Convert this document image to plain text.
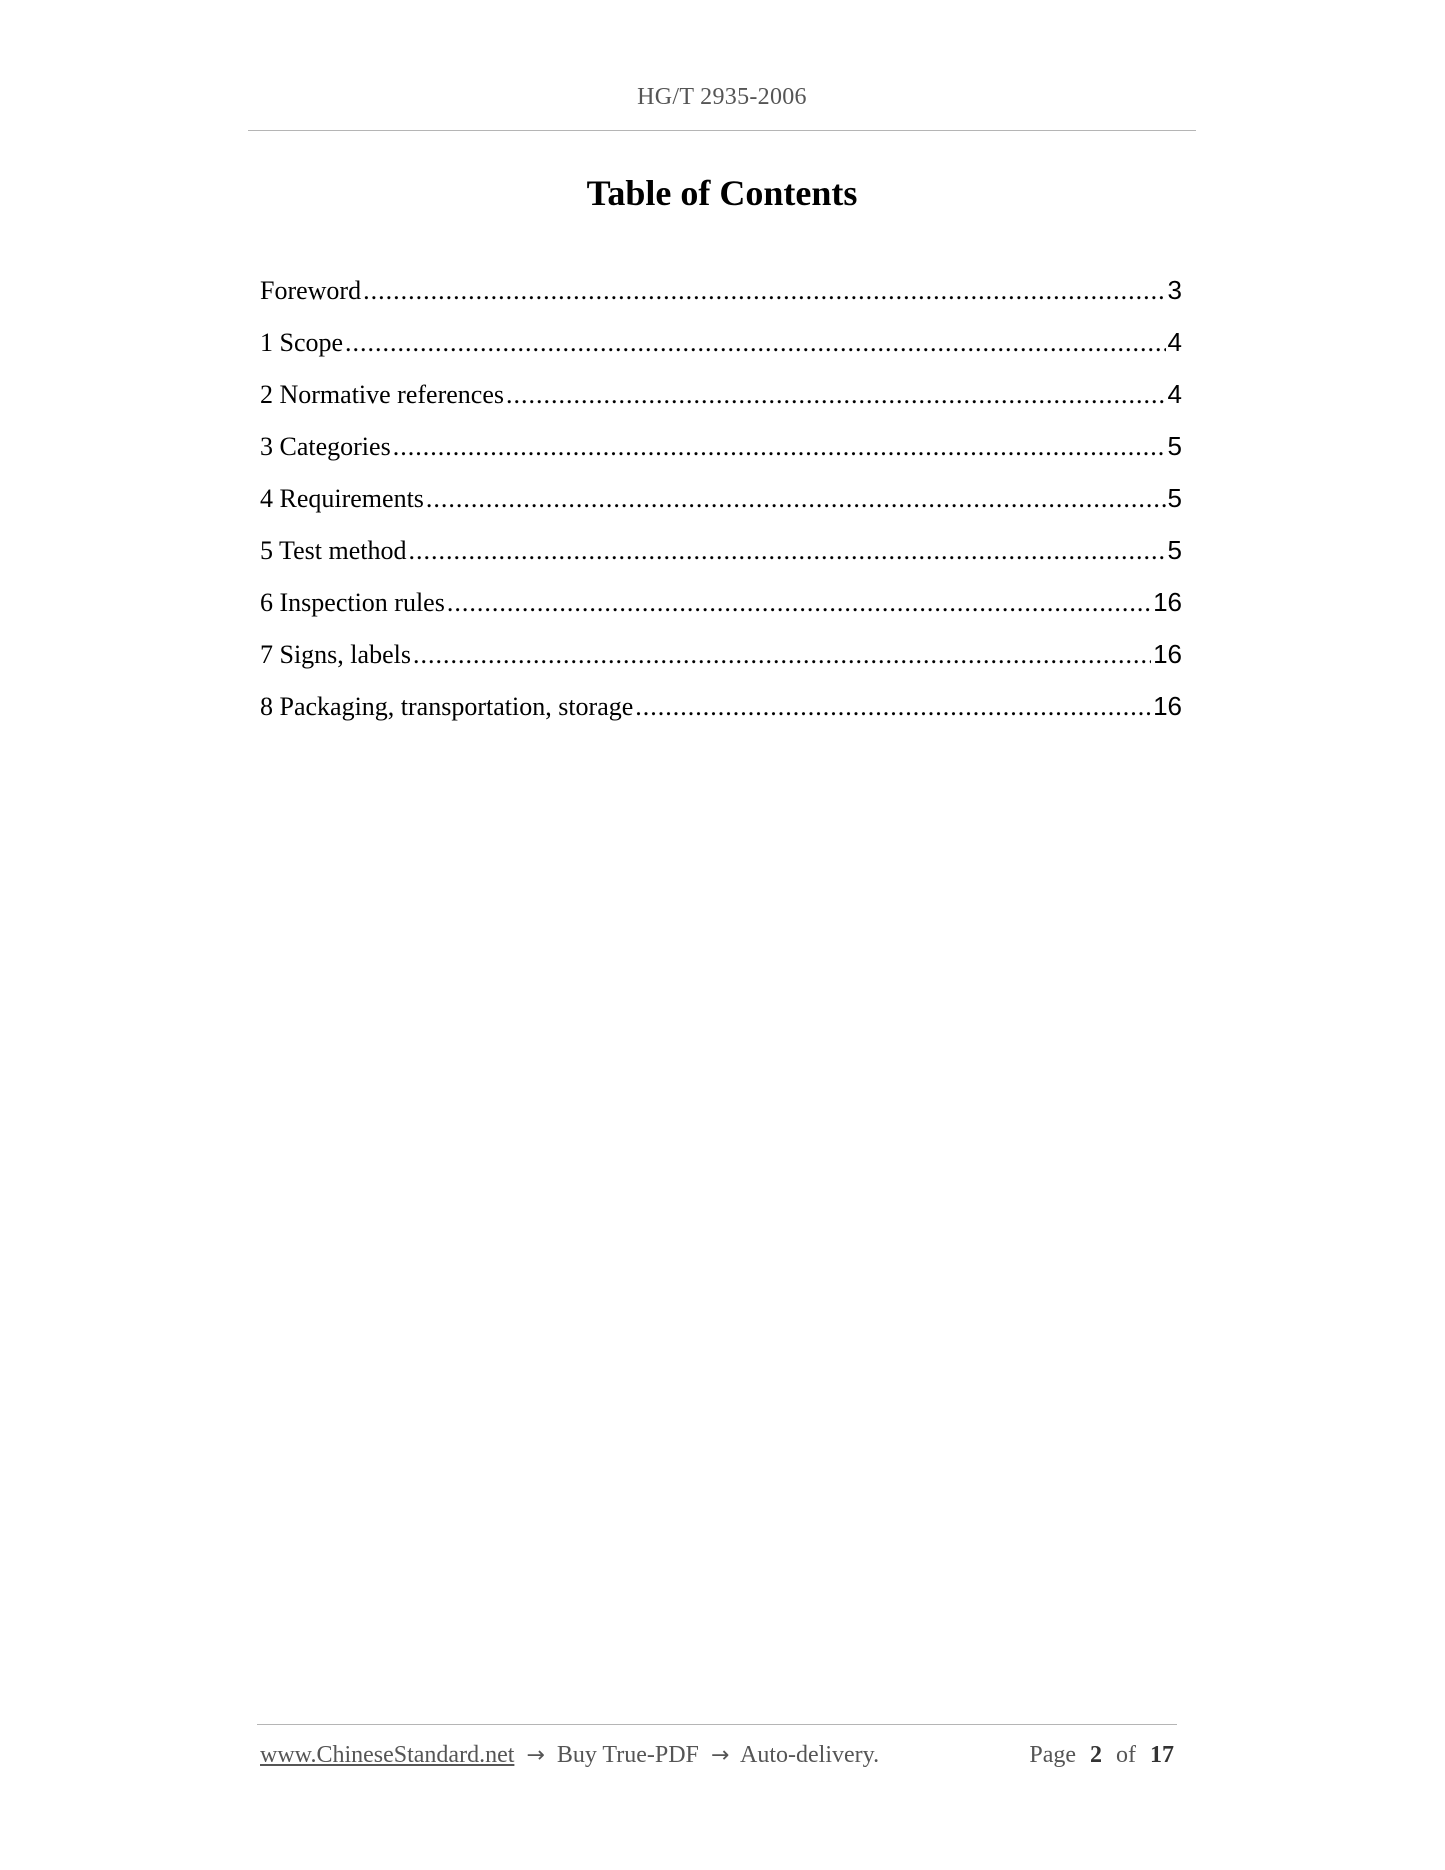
HG/T 2935-2006
Table of Contents
Foreword .....	3
1 Scope .....	4
2 Normative references .....	4
3 Categories .....	5
4 Requirements .....	5
5 Test method .....	5
6 Inspection rules .....	16
7 Signs, labels .....	16
8 Packaging, transportation, storage .....	16
www.ChineseStandard.net → Buy True-PDF → Auto-delivery.	Page 2 of 17
